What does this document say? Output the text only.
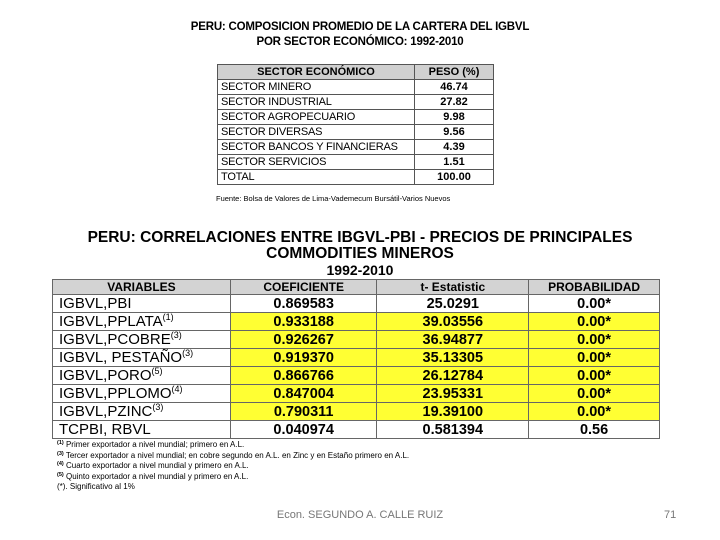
PERU: COMPOSICION PROMEDIO DE LA CARTERA DEL IGBVL
POR SECTOR ECONÓMICO: 1992-2010
SECTOR ECONÓMICO	PESO (%)
SECTOR MINERO	46.74
SECTOR INDUSTRIAL	27.82
SECTOR AGROPECUARIO	9.98
SECTOR DIVERSAS	9.56
SECTOR BANCOS Y FINANCIERAS	4.39
SECTOR SERVICIOS	1.51
TOTAL	100.00
Fuente: Bolsa de Valores de Lima-Vademecum Bursátil-Varios Nuevos
PERU: CORRELACIONES ENTRE IBGVL-PBI - PRECIOS DE PRINCIPALES
COMMODITIES MINEROS
1992-2010
VARIABLES	COEFICIENTE	t- Estatistic	PROBABILIDAD
IGBVL,PBI	0.869583	25.0291	0.00*
IGBVL,PPLATA$^{(1)}$	0.933188	39.03556	0.00*
IGBVL,PCOBRE$^{(3)}$	0.926267	36.94877	0.00*
IGBVL, PESTAÑO$^{(3)}$	0.919370	35.13305	0.00*
IGBVL,PORO$^{(5)}$	0.866766	26.12784	0.00*
IGBVL,PPLOMO$^{(4)}$	0.847004	23.95331	0.00*
IGBVL,PZINC$^{(3)}$	0.790311	19.39100	0.00*
TCPBI, RBVL	0.040974	0.581394	0.56
$^{(1)}$ Primer exportador a nivel mundial; primero en A.L.
$^{(3)}$ Tercer exportador a nivel mundial; en cobre segundo en A.L. en Zinc y en Estaño primero en A.L.
$^{(4)}$ Cuarto exportador a nivel mundial y primero en A.L.
$^{(5)}$ Quinto exportador a nivel mundial y primero en A.L.
(*). Significativo al 1%
Econ. SEGUNDO A. CALLE RUIZ	71
